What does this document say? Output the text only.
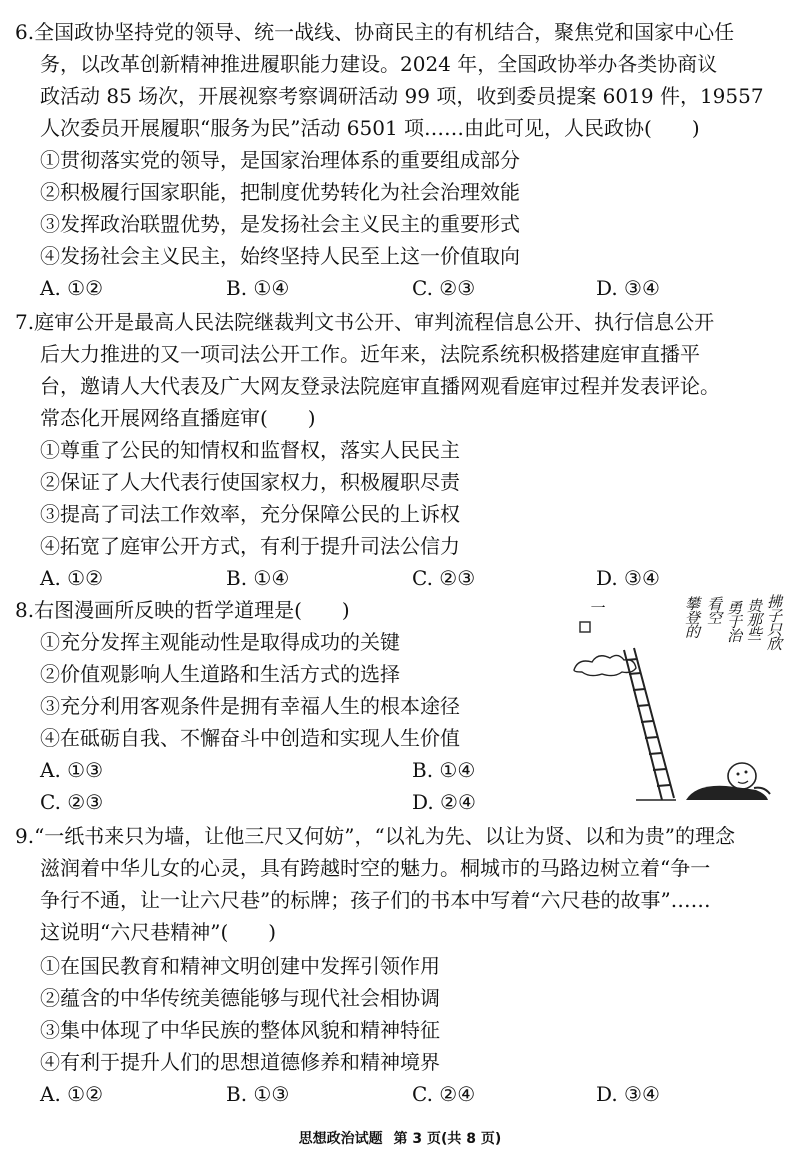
6.全国政协坚持党的领导、统一战线、协商民主的有机结合，聚焦党和国家中心任
务，以改革创新精神推进履职能力建设。2024 年，全国政协举办各类协商议
政活动 85 场次，开展视察考察调研活动 99 项，收到委员提案 6019 件，19557
人次委员开展履职“服务为民”活动 6501 项……由此可见，人民政协(　　)
①贯彻落实党的领导，是国家治理体系的重要组成部分
②积极履行国家职能，把制度优势转化为社会治理效能
③发挥政治联盟优势，是发扬社会主义民主的重要形式
④发扬社会主义民主，始终坚持人民至上这一价值取向
A. ①②	B. ①④	C. ②③	D. ③④
7.庭审公开是最高人民法院继裁判文书公开、审判流程信息公开、执行信息公开
后大力推进的又一项司法公开工作。近年来，法院系统积极搭建庭审直播平
台，邀请人大代表及广大网友登录法院庭审直播网观看庭审过程并发表评论。
常态化开展网络直播庭审(　　)
①尊重了公民的知情权和监督权，落实人民民主
②保证了人大代表行使国家权力，积极履职尽责
③提高了司法工作效率，充分保障公民的上诉权
④拓宽了庭审公开方式，有利于提升司法公信力
A. ①②	B. ①④	C. ②③	D. ③④
8.右图漫画所反映的哲学道理是(　　)
①充分发挥主观能动性是取得成功的关键
②价值观影响人生道路和生活方式的选择
③充分利用客观条件是拥有幸福人生的根本途径
④在砥砺自我、不懈奋斗中创造和实现人生价值
A. ①③	B. ①④
C. ②③	D. ②④
拂子只欣
贵那些
勇于治
看空
攀登的
一
9.“一纸书来只为墙，让他三尺又何妨”，“以礼为先、以让为贤、以和为贵”的理念
滋润着中华儿女的心灵，具有跨越时空的魅力。桐城市的马路边树立着“争一
争行不通，让一让六尺巷”的标牌；孩子们的书本中写着“六尺巷的故事”……
这说明“六尺巷精神”(　　)
①在国民教育和精神文明创建中发挥引领作用
②蕴含的中华传统美德能够与现代社会相协调
③集中体现了中华民族的整体风貌和精神特征
④有利于提升人们的思想道德修养和精神境界
A. ①②	B. ①③	C. ②④	D. ③④
思想政治试题 第 3 页(共 8 页)
